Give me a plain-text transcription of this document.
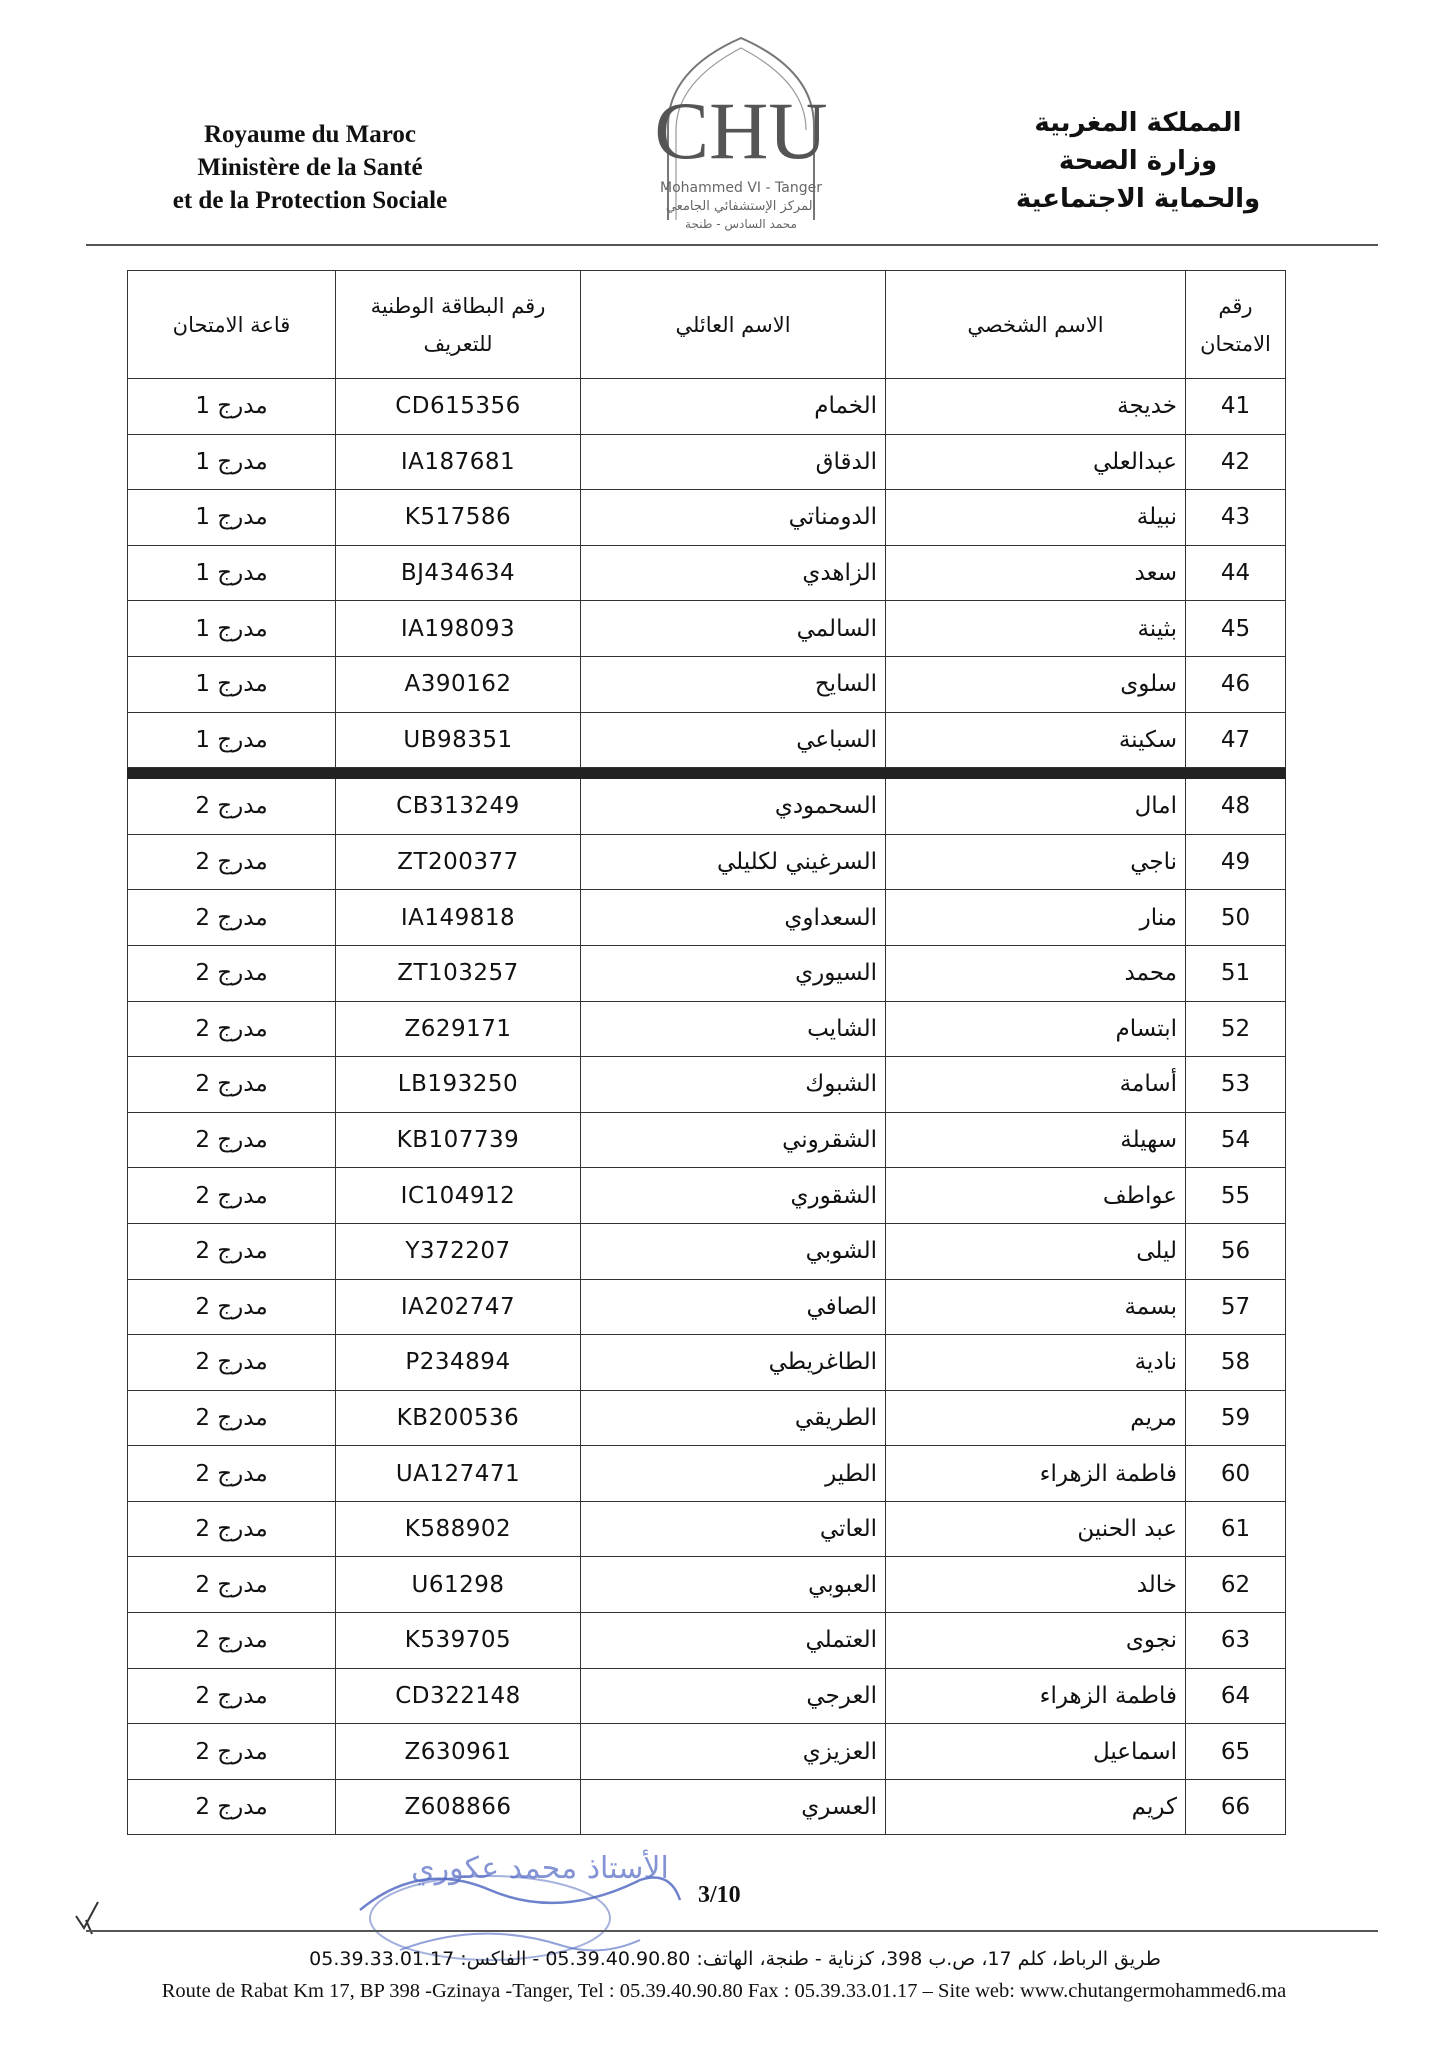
Royaume du Maroc
Ministère de la Santé
et de la Protection Sociale
CHU
Mohammed VI - Tanger
المركز الإستشفائي الجامعي
محمد السادس - طنجة
المملكة المغربية
وزارة الصحة
والحماية الاجتماعية
رقم الامتحان	الاسم الشخصي	الاسم العائلي	رقم البطاقة الوطنية للتعريف	قاعة الامتحان
41	خديجة	الخمام	CD615356	مدرج 1
42	عبدالعلي	الدقاق	IA187681	مدرج 1
43	نبيلة	الدومناتي	K517586	مدرج 1
44	سعد	الزاهدي	BJ434634	مدرج 1
45	بثينة	السالمي	IA198093	مدرج 1
46	سلوى	السايح	A390162	مدرج 1
47	سكينة	السباعي	UB98351	مدرج 1

48	امال	السحمودي	CB313249	مدرج 2
49	ناجي	السرغيني لكليلي	ZT200377	مدرج 2
50	منار	السعداوي	IA149818	مدرج 2
51	محمد	السيوري	ZT103257	مدرج 2
52	ابتسام	الشايب	Z629171	مدرج 2
53	أسامة	الشبوك	LB193250	مدرج 2
54	سهيلة	الشقروني	KB107739	مدرج 2
55	عواطف	الشقوري	IC104912	مدرج 2
56	ليلى	الشوبي	Y372207	مدرج 2
57	بسمة	الصافي	IA202747	مدرج 2
58	نادية	الطاغريطي	P234894	مدرج 2
59	مريم	الطريقي	KB200536	مدرج 2
60	فاطمة الزهراء	الطير	UA127471	مدرج 2
61	عبد الحنين	العاتي	K588902	مدرج 2
62	خالد	العبوبي	U61298	مدرج 2
63	نجوى	العتملي	K539705	مدرج 2
64	فاطمة الزهراء	العرجي	CD322148	مدرج 2
65	اسماعيل	العزيزي	Z630961	مدرج 2
66	كريم	العسري	Z608866	مدرج 2
الأستاذ محمد عكوري
3/10
طريق الرباط، كلم 17، ص.ب 398، كزناية - طنجة، الهاتف: 05.39.40.90.80 - الفاكس: 05.39.33.01.17
Route de Rabat Km 17, BP 398 -Gzinaya -Tanger, Tel : 05.39.40.90.80 Fax : 05.39.33.01.17 – Site web: www.chutangermohammed6.ma
